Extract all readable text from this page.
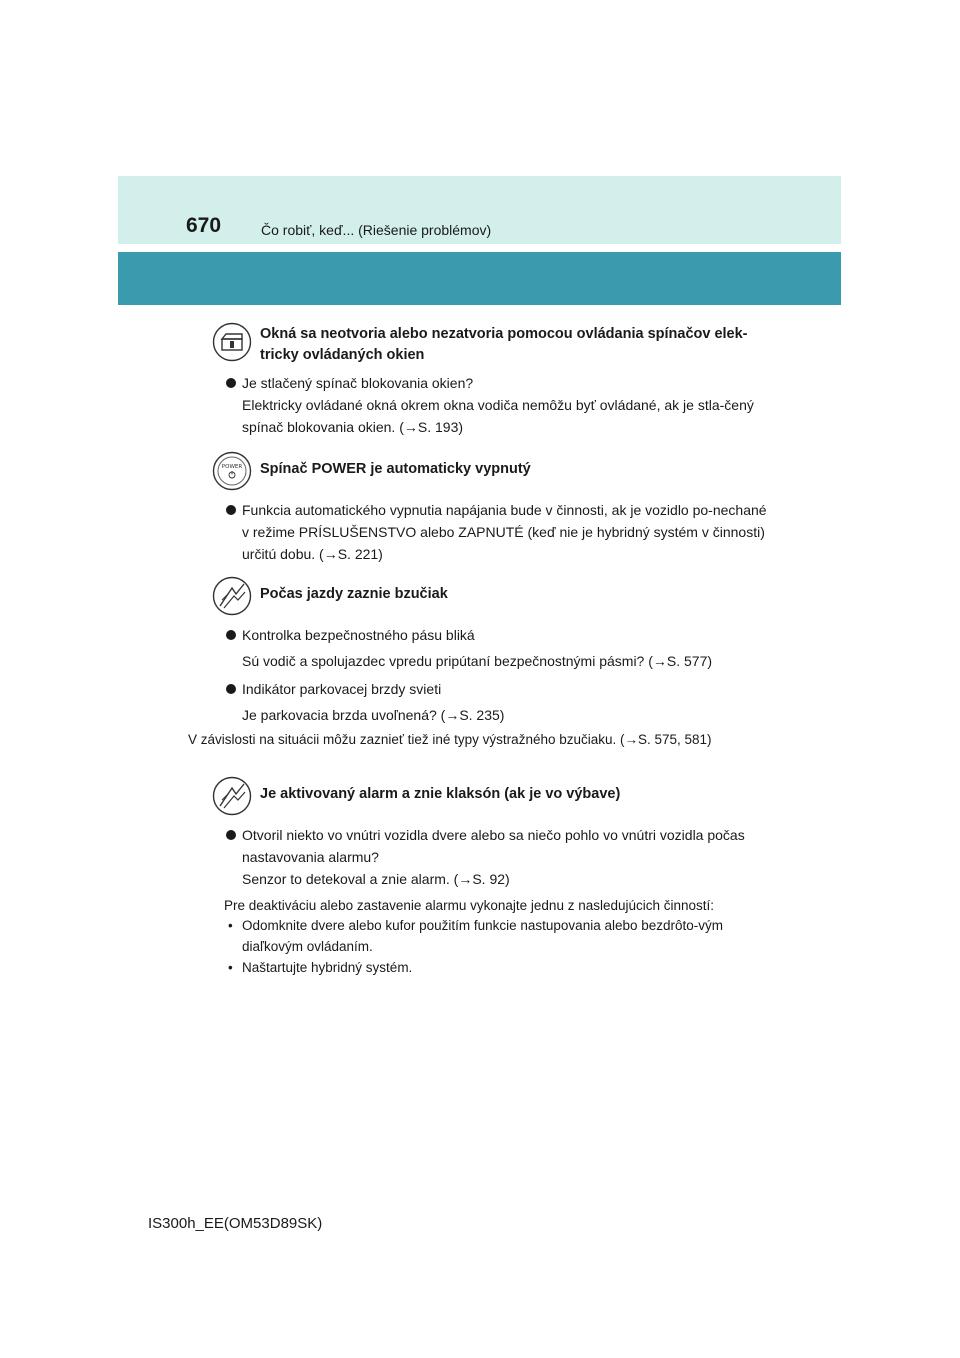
670	Čo robiť, keď... (Riešenie problémov)
Okná sa neotvoria alebo nezatvoria pomocou ovládania spínačov elek-tricky ovládaných okien
Je stlačený spínač blokovania okien?
Elektricky ovládané okná okrem okna vodiča nemôžu byť ovládané, ak je stla-čený spínač blokovania okien. (→S. 193)
POWER Spínač POWER je automaticky vypnutý
Funkcia automatického vypnutia napájania bude v činnosti, ak je vozidlo po-nechané v režime PRÍSLUŠENSTVO alebo ZAPNUTÉ (keď nie je hybridný systém v činnosti) určitú dobu. (→S. 221)
Počas jazdy zaznie bzučiak
Kontrolka bezpečnostného pásu bliká
Sú vodič a spolujazdec vpredu pripútaní bezpečnostnými pásmi? (→S. 577)
Indikátor parkovacej brzdy svieti
Je parkovacia brzda uvoľnená? (→S. 235)
V závislosti na situácii môžu zaznieť tiež iné typy výstražného bzučiaku. (→S. 575, 581)
Je aktivovaný alarm a znie klaksón (ak je vo výbave)
Otvoril niekto vo vnútri vozidla dvere alebo sa niečo pohlo vo vnútri vozidla počas nastavovania alarmu?
Senzor to detekoval a znie alarm. (→S. 92)
Pre deaktiváciu alebo zastavenie alarmu vykonajte jednu z nasledujúcich činností:
• Odomknite dvere alebo kufor použitím funkcie nastupovania alebo bezdrôto-vým diaľkovým ovládaním.
• Naštartujte hybridný systém.
IS300h_EE(OM53D89SK)
